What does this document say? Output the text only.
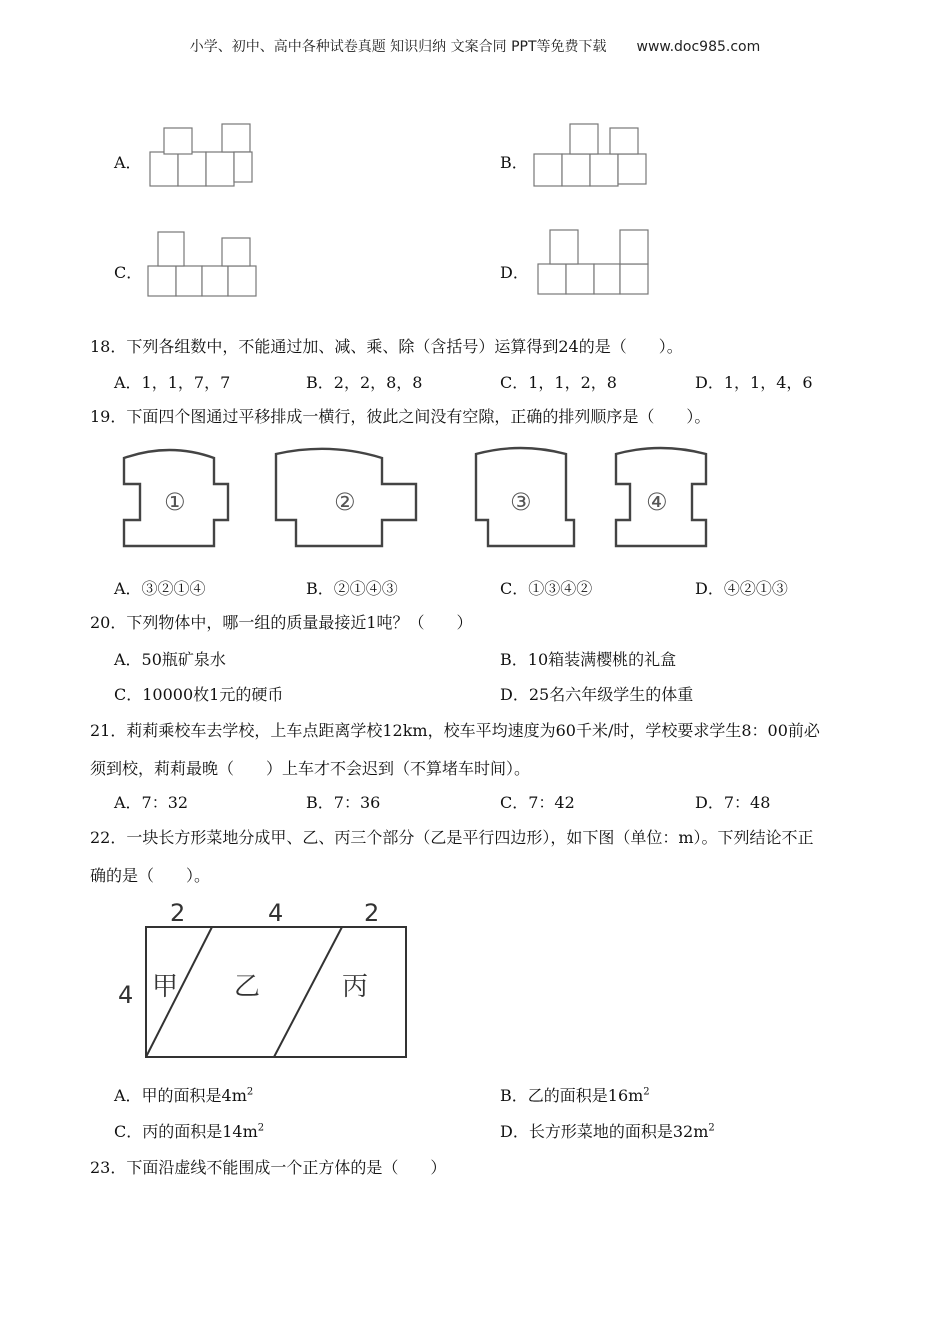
小学、初中、高中各种试卷真题 知识归纳 文案合同 PPT等免费下载 www.doc985.com
A．	B．
C．	D．
18．下列各组数中，不能通过加、减、乘、除（含括号）运算得到24的是（　　）。
A．1，1，7，7	B．2，2，8，8	C．1，1，2，8	D．1，1，4，6
19．下面四个图通过平移排成一横行，彼此之间没有空隙，正确的排列顺序是（　　）。
①	②	③	④
A．③②①④	B．②①④③	C．①③④②	D．④②①③
20．下列物体中，哪一组的质量最接近1吨？（　　）
A．50瓶矿泉水	B．10箱装满樱桃的礼盒
C．10000枚1元的硬币	D．25名六年级学生的体重
21．莉莉乘校车去学校，上车点距离学校12km，校车平均速度为60千米/时，学校要求学生8：00前必
须到校，莉莉最晚（　　）上车才不会迟到（不算堵车时间）。
A．7：32	B．7：36	C．7：42	D．7：48
22．一块长方形菜地分成甲、乙、丙三个部分（乙是平行四边形），如下图（单位：m）。下列结论不正
确的是（　　）。
2	4	2
4 甲 乙	丙
A．甲的面积是$4m^2$	B．乙的面积是$16m^2$
C．丙的面积是$14m^2$	D．长方形菜地的面积是$32m^2$
23．下面沿虚线不能围成一个正方体的是（　　）
